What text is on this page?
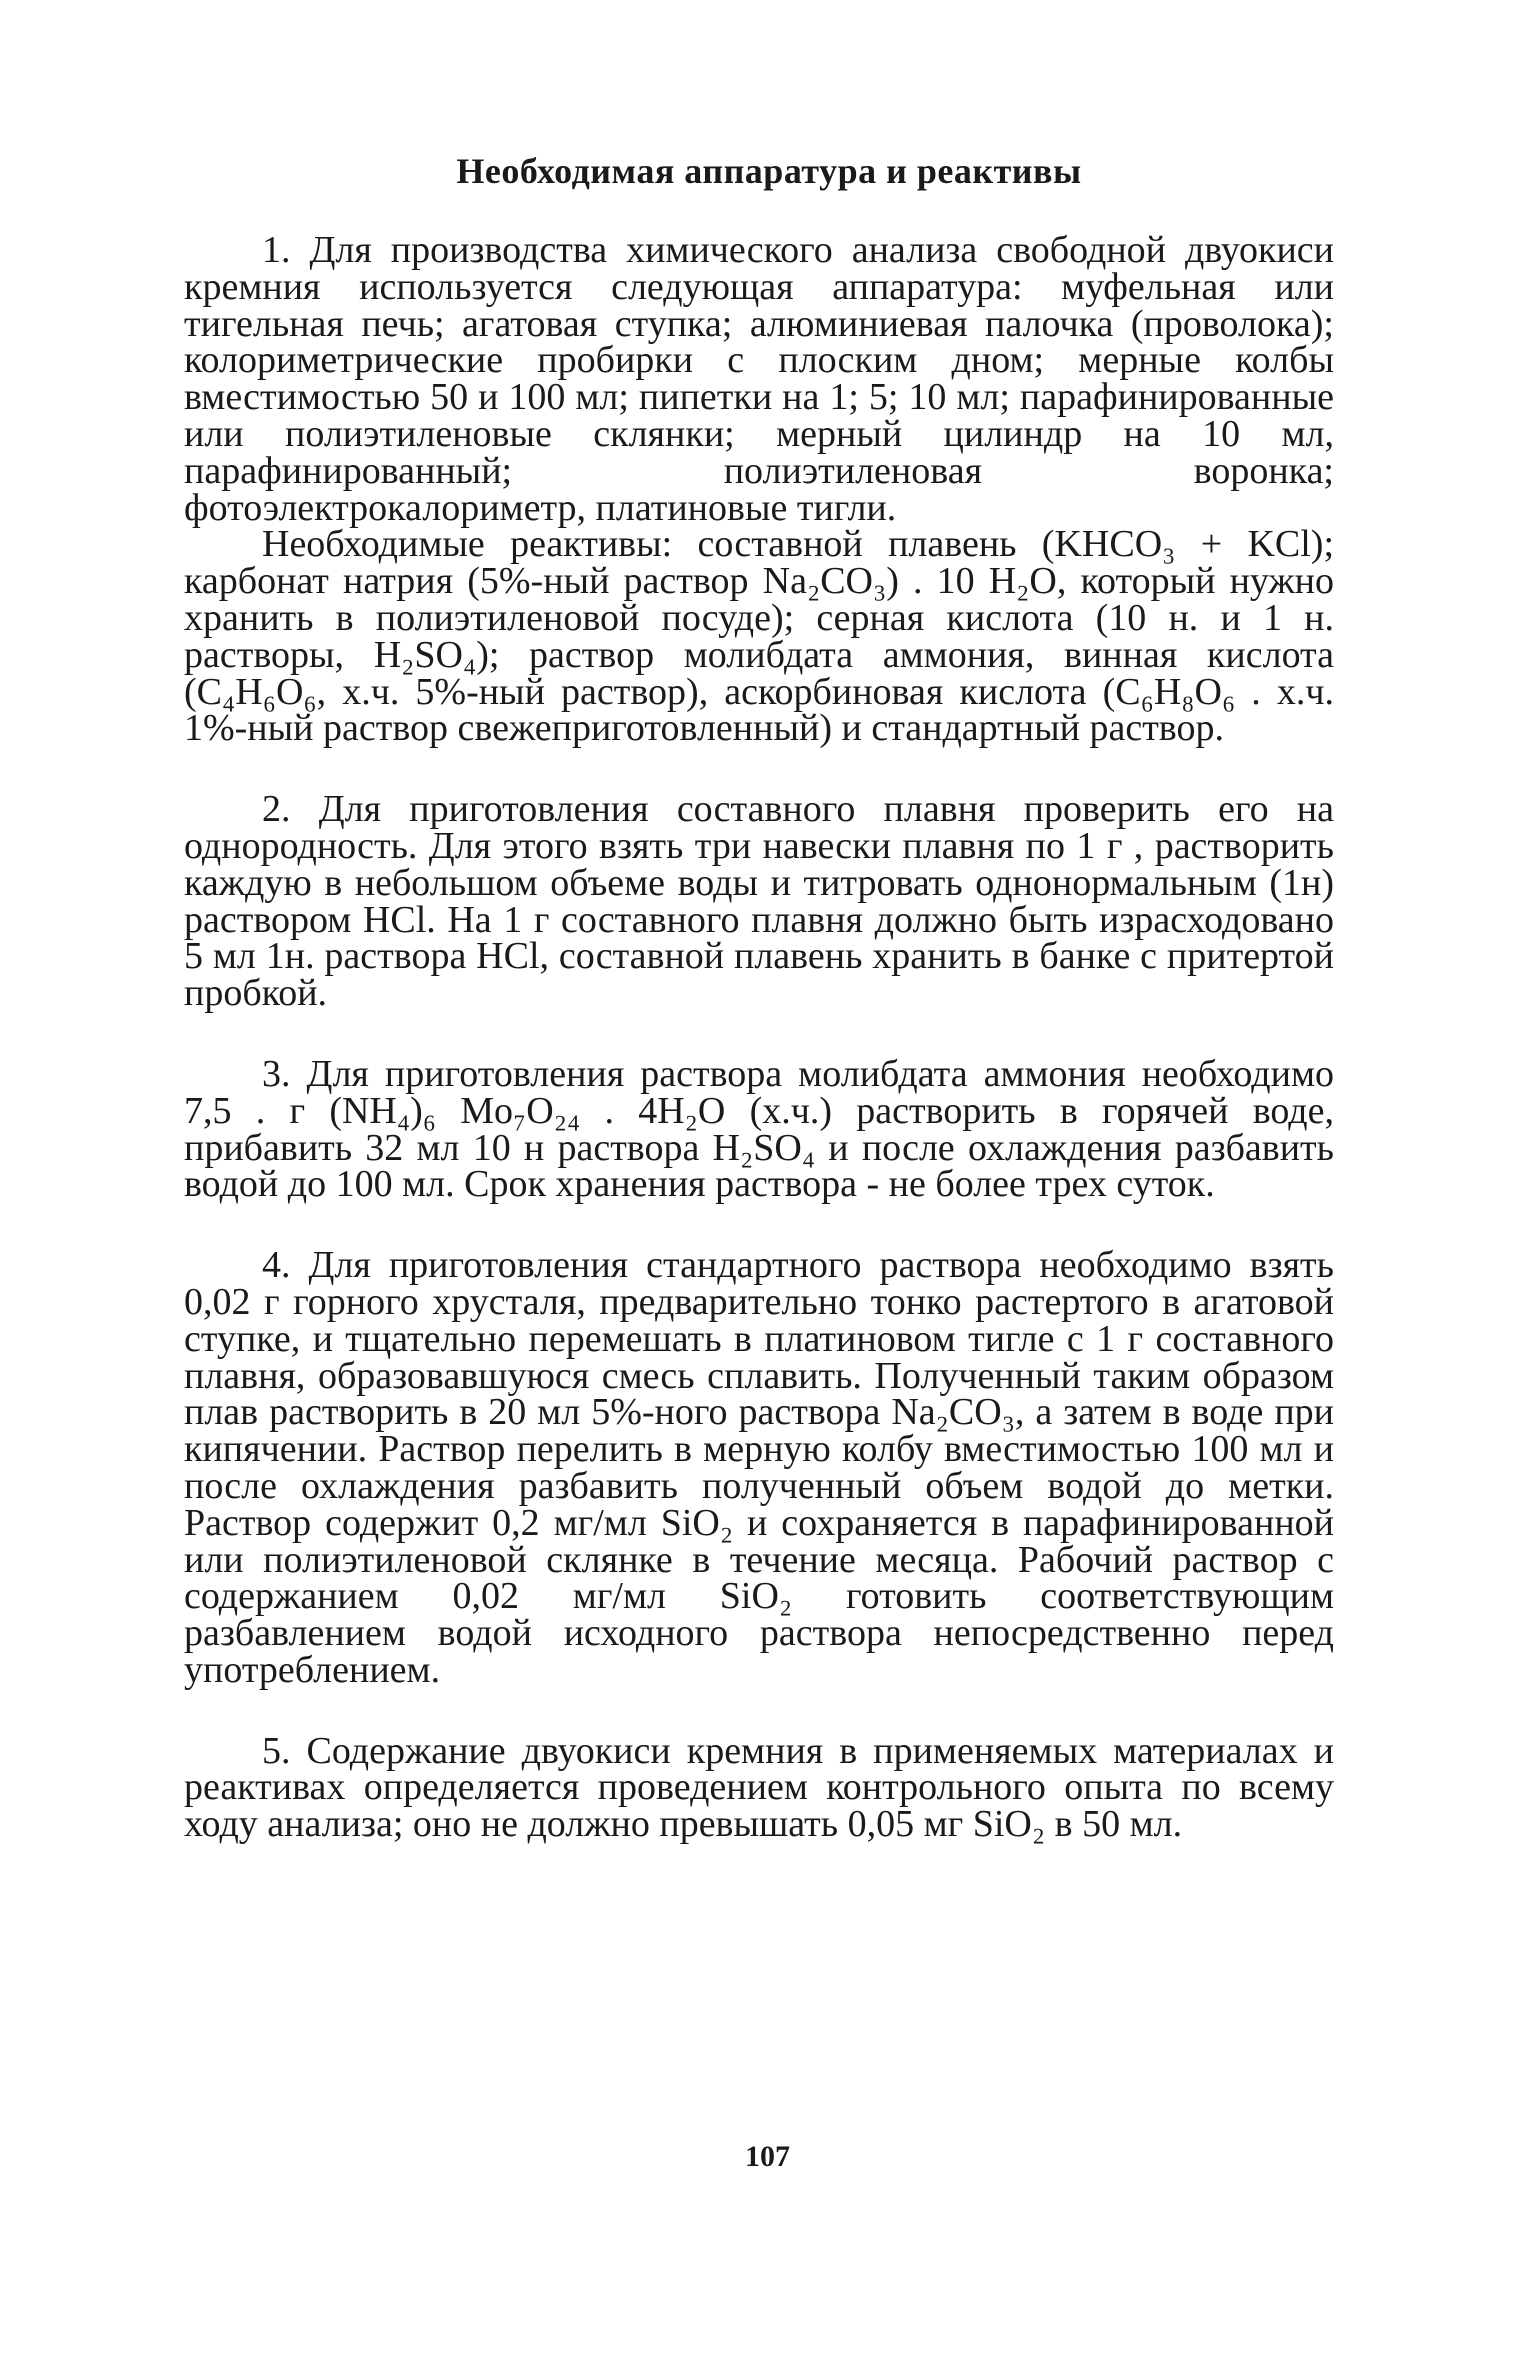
Необходимая аппаратура и реактивы

1. Для производства химического анализа свободной двуокиси кремния используется следующая аппаратура: муфельная или тигельная печь; агатовая ступка; алюминиевая палочка (проволока); колориметрические пробирки с плоским дном; мерные колбы вместимостью 50 и 100 мл; пипетки на 1; 5; 10 мл; парафинированные или полиэтиленовые склянки; мерный цилиндр на 10 мл, парафинированный; полиэтиленовая воронка; фотоэлектрокалориметр, платиновые тигли.

Необходимые реактивы: составной плавень (KHCO₃ + KCl); карбонат натрия (5%-ный раствор Na₂CO₃) . 10 H₂O, который нужно хранить в полиэтиленовой посуде); серная кислота (10 н. и 1 н. растворы, H₂SO₄); раствор молибдата аммония, винная кислота (C₄H₆O₆, х.ч. 5%-ный раствор), аскорбиновая кислота (C₆H₈O₆ . х.ч. 1%-ный раствор свежеприготовленный) и стандартный раствор.

2. Для приготовления составного плавня проверить его на однородность. Для этого взять три навески плавня по 1 г , растворить каждую в небольшом объеме воды и титровать однонормальным (1н) раствором HCl. На 1 г составного плавня должно быть израсходовано 5 мл 1н. раствора HCl, составной плавень хранить в банке с притертой пробкой.

3. Для приготовления раствора молибдата аммония необходимо 7,5 . г (NH₄)₆ Mo₇O₂₄ . 4H₂O (х.ч.) растворить в горячей воде, прибавить 32 мл 10 н раствора H₂SO₄ и после охлаждения разбавить водой до 100 мл. Срок хранения раствора - не более трех суток.

4. Для приготовления стандартного раствора необходимо взять 0,02 г горного хрусталя, предварительно тонко растертого в агатовой ступке, и тщательно перемешать в платиновом тигле с 1 г составного плавня, образовавшуюся смесь сплавить. Полученный таким образом плав растворить в 20 мл 5%-ного раствора Na₂CO₃, а затем в воде при кипячении. Раствор перелить в мерную колбу вместимостью 100 мл и после охлаждения разбавить полученный объем водой до метки. Раствор содержит 0,2 мг/мл SiO₂ и сохраняется в парафинированной или полиэтиленовой склянке в течение месяца. Рабочий раствор с содержанием 0,02 мг/мл SiO₂ готовить соответствующим разбавлением водой исходного раствора непосредственно перед употреблением.

5. Содержание двуокиси кремния в применяемых материалах и реактивах определяется проведением контрольного опыта по всему ходу анализа; оно не должно превышать 0,05 мг SiO₂ в 50 мл.

107
